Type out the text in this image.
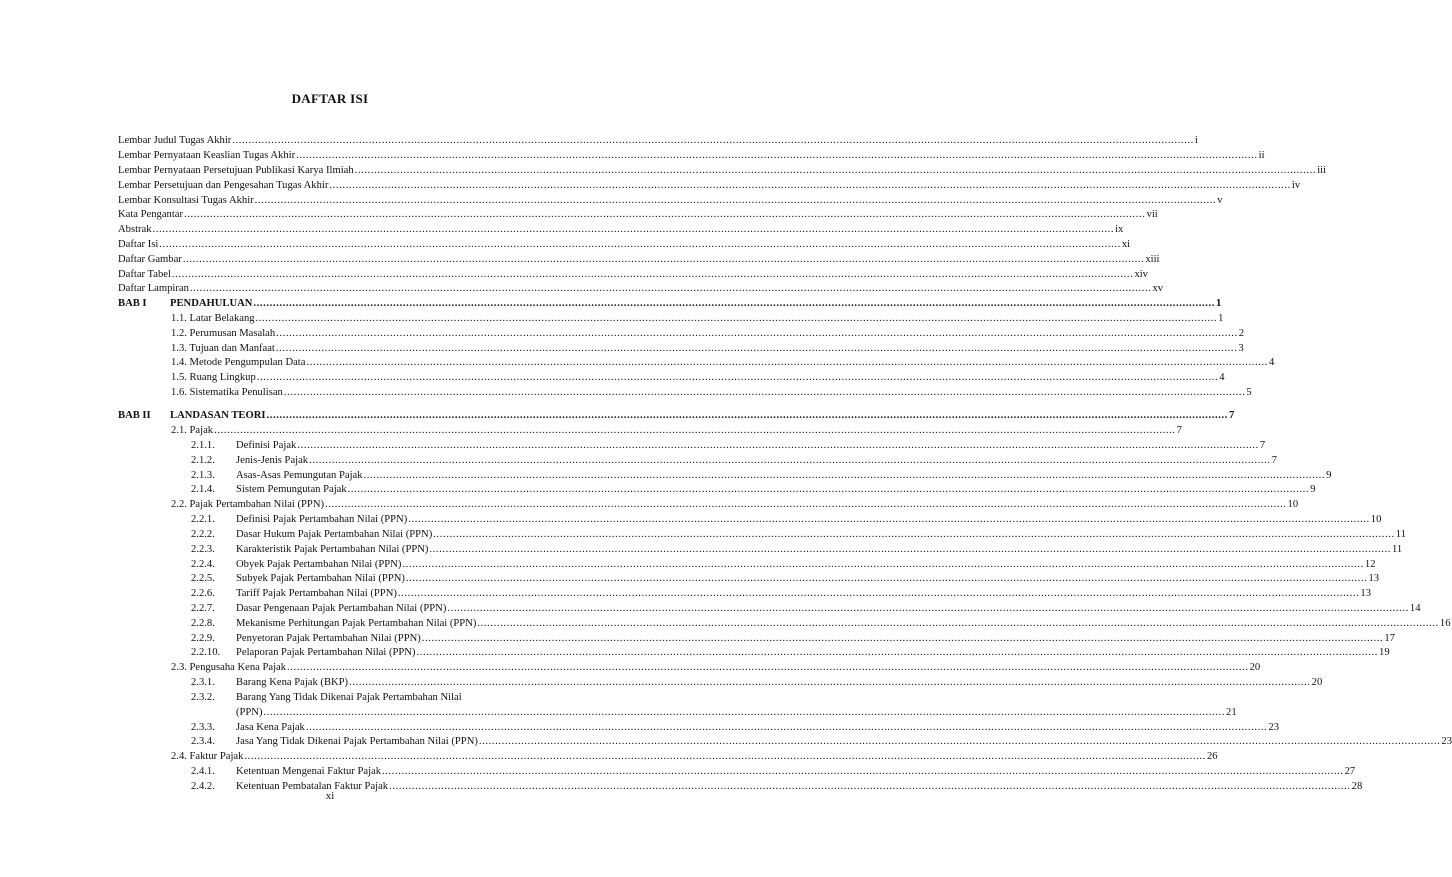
DAFTAR ISI
Lembar Judul Tugas Akhir .....	i
Lembar Pernyataan Keaslian Tugas Akhir .....	ii
Lembar Pernyataan Persetujuan Publikasi Karya Ilmiah .....	iii
Lembar Persetujuan dan Pengesahan Tugas Akhir .....	iv
Lembar Konsultasi Tugas Akhir .....	v
Kata Pengantar .....	vii
Abstrak .....	ix
Daftar Isi .....	xi
Daftar Gambar .....	xiii
Daftar Tabel .....	xiv
Daftar Lampiran .....	xv
BAB I PENDAHULUAN .....	1
1.1. Latar Belakang .....	1
1.2. Perumusan Masalah .....	2
1.3. Tujuan dan Manfaat .....	3
1.4. Metode Pengumpulan Data .....	4
1.5. Ruang Lingkup .....	4
1.6. Sistematika Penulisan .....	5
BAB II LANDASAN TEORI .....	7
2.1. Pajak .....	7
2.1.1. Definisi Pajak .....	7
2.1.2. Jenis-Jenis Pajak .....	7
2.1.3. Asas-Asas Pemungutan Pajak .....	9
2.1.4. Sistem Pemungutan Pajak .....	9
2.2. Pajak Pertambahan Nilai (PPN) .....	10
2.2.1. Definisi Pajak Pertambahan Nilai (PPN) .....	10
2.2.2. Dasar Hukum Pajak Pertambahan Nilai (PPN) .....	11
2.2.3. Karakteristik Pajak Pertambahan Nilai (PPN) .....	11
2.2.4. Obyek Pajak Pertambahan Nilai (PPN) .....	12
2.2.5. Subyek Pajak Pertambahan Nilai (PPN) .....	13
2.2.6. Tariff Pajak Pertambahan Nilai (PPN) .....	13
2.2.7. Dasar Pengenaan Pajak Pertambahan Nilai (PPN) .....	14
2.2.8. Mekanisme Perhitungan Pajak Pertambahan Nilai (PPN) .....	16
2.2.9. Penyetoran Pajak Pertambahan Nilai (PPN) .....	17
2.2.10. Pelaporan Pajak Pertambahan Nilai (PPN) .....	19
2.3. Pengusaha Kena Pajak .....	20
2.3.1. Barang Kena Pajak (BKP) .....	20
2.3.2. Barang Yang Tidak Dikenai Pajak Pertambahan Nilai
(PPN) .....	21
2.3.3. Jasa Kena Pajak .....	23
2.3.4. Jasa Yang Tidak Dikenai Pajak Pertambahan Nilai (PPN) .....	23
2.4. Faktur Pajak .....	26
2.4.1. Ketentuan Mengenai Faktur Pajak .....	27
2.4.2. Ketentuan Pembatalan Faktur Pajak .....	28
xi
